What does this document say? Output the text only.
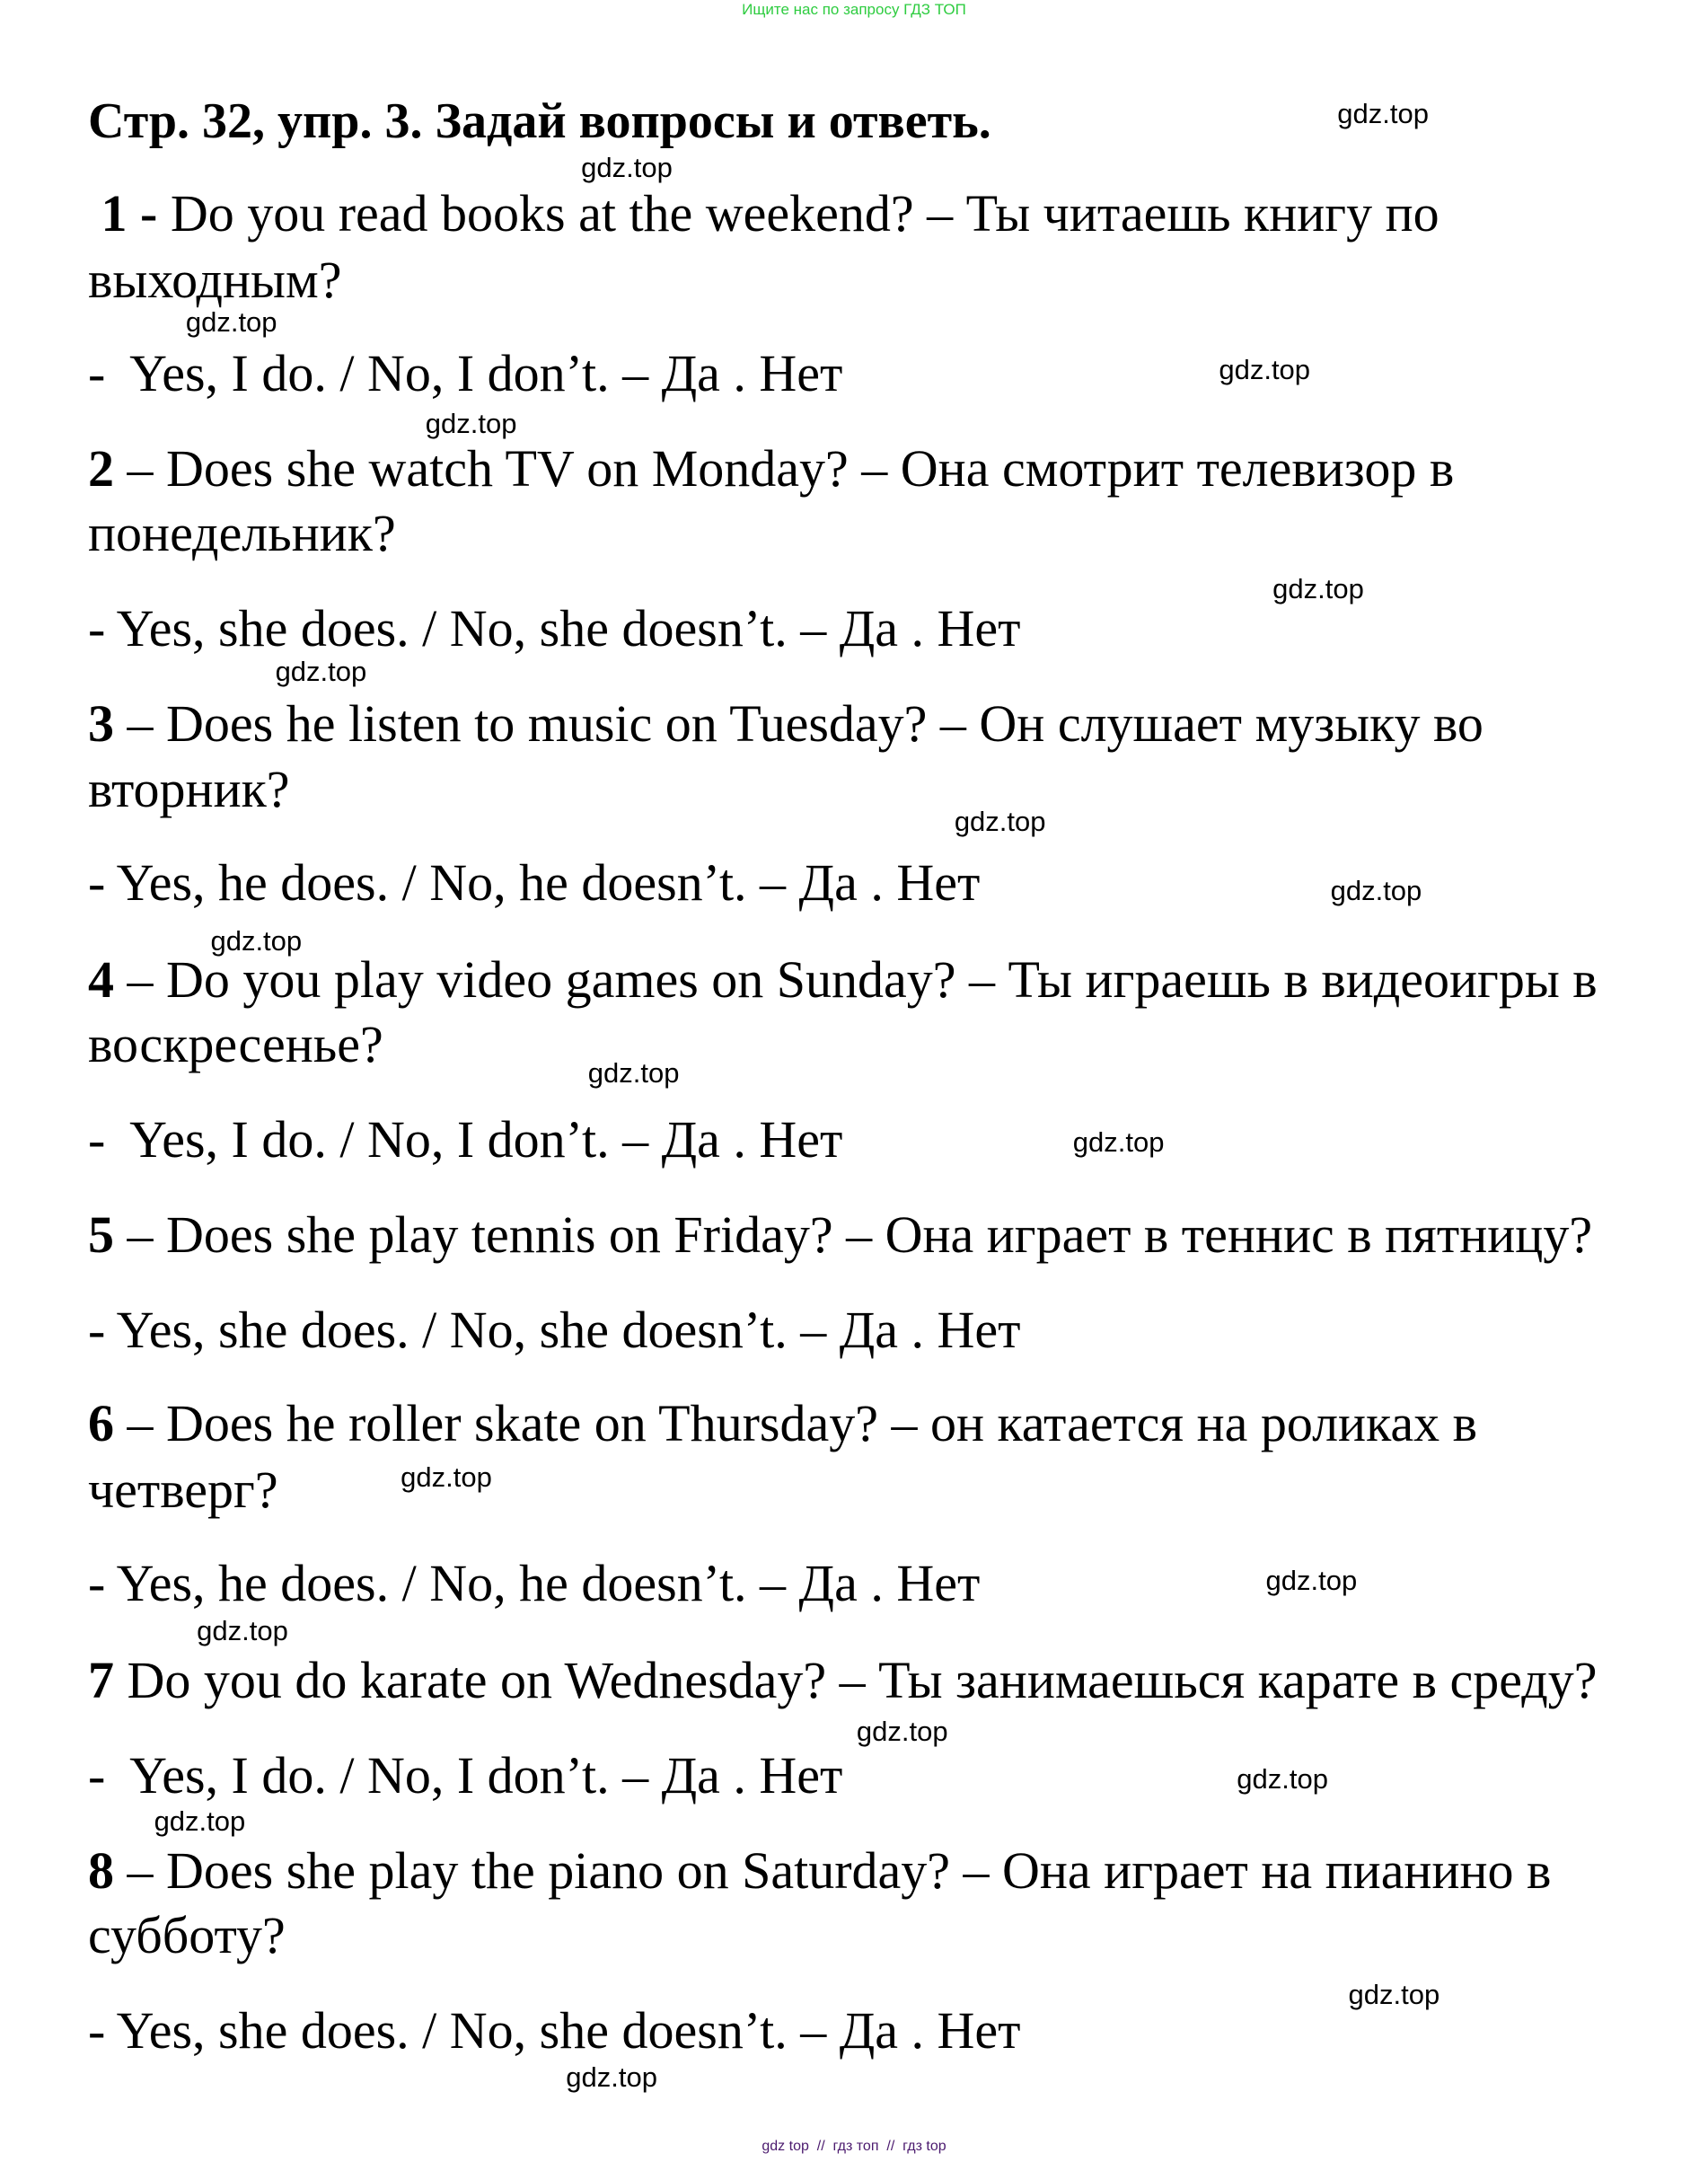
Ищите нас по запросу ГДЗ ТОП
Стр. 32, упр. 3. Задай вопросы и ответь.
1 - Do you read books at the weekend? – Ты читаешь книгу по
выходным?
-  Yes, I do. / No, I don’t. – Да . Нет
2 – Does she watch TV on Monday? – Она смотрит телевизор в
понедельник?
- Yes, she does. / No, she doesn’t. – Да . Нет
3 – Does he listen to music on Tuesday? – Он слушает музыку во
вторник?
- Yes, he does. / No, he doesn’t. – Да . Нет
4 – Do you play video games on Sunday? – Ты играешь в видеоигры в
воскресенье?
-  Yes, I do. / No, I don’t. – Да . Нет
5 – Does she play tennis on Friday? – Она играет в теннис в пятницу?
- Yes, she does. / No, she doesn’t. – Да . Нет
6 – Does he roller skate on Thursday? – он катается на роликах в
четверг?
- Yes, he does. / No, he doesn’t. – Да . Нет
7 Do you do karate on Wednesday? – Ты занимаешься карате в среду?
-  Yes, I do. / No, I don’t. – Да . Нет
8 – Does she play the piano on Saturday? – Она играет на пианино в
субботу?
- Yes, she does. / No, she doesn’t. – Да . Нет
gdz.top
gdz.top
gdz.top
gdz.top
gdz.top
gdz.top
gdz.top
gdz.top
gdz.top
gdz.top
gdz.top
gdz.top
gdz.top
gdz.top
gdz.top
gdz.top
gdz.top
gdz.top
gdz.top
gdz.top
gdz top  //  гдз топ  //  гдз top
